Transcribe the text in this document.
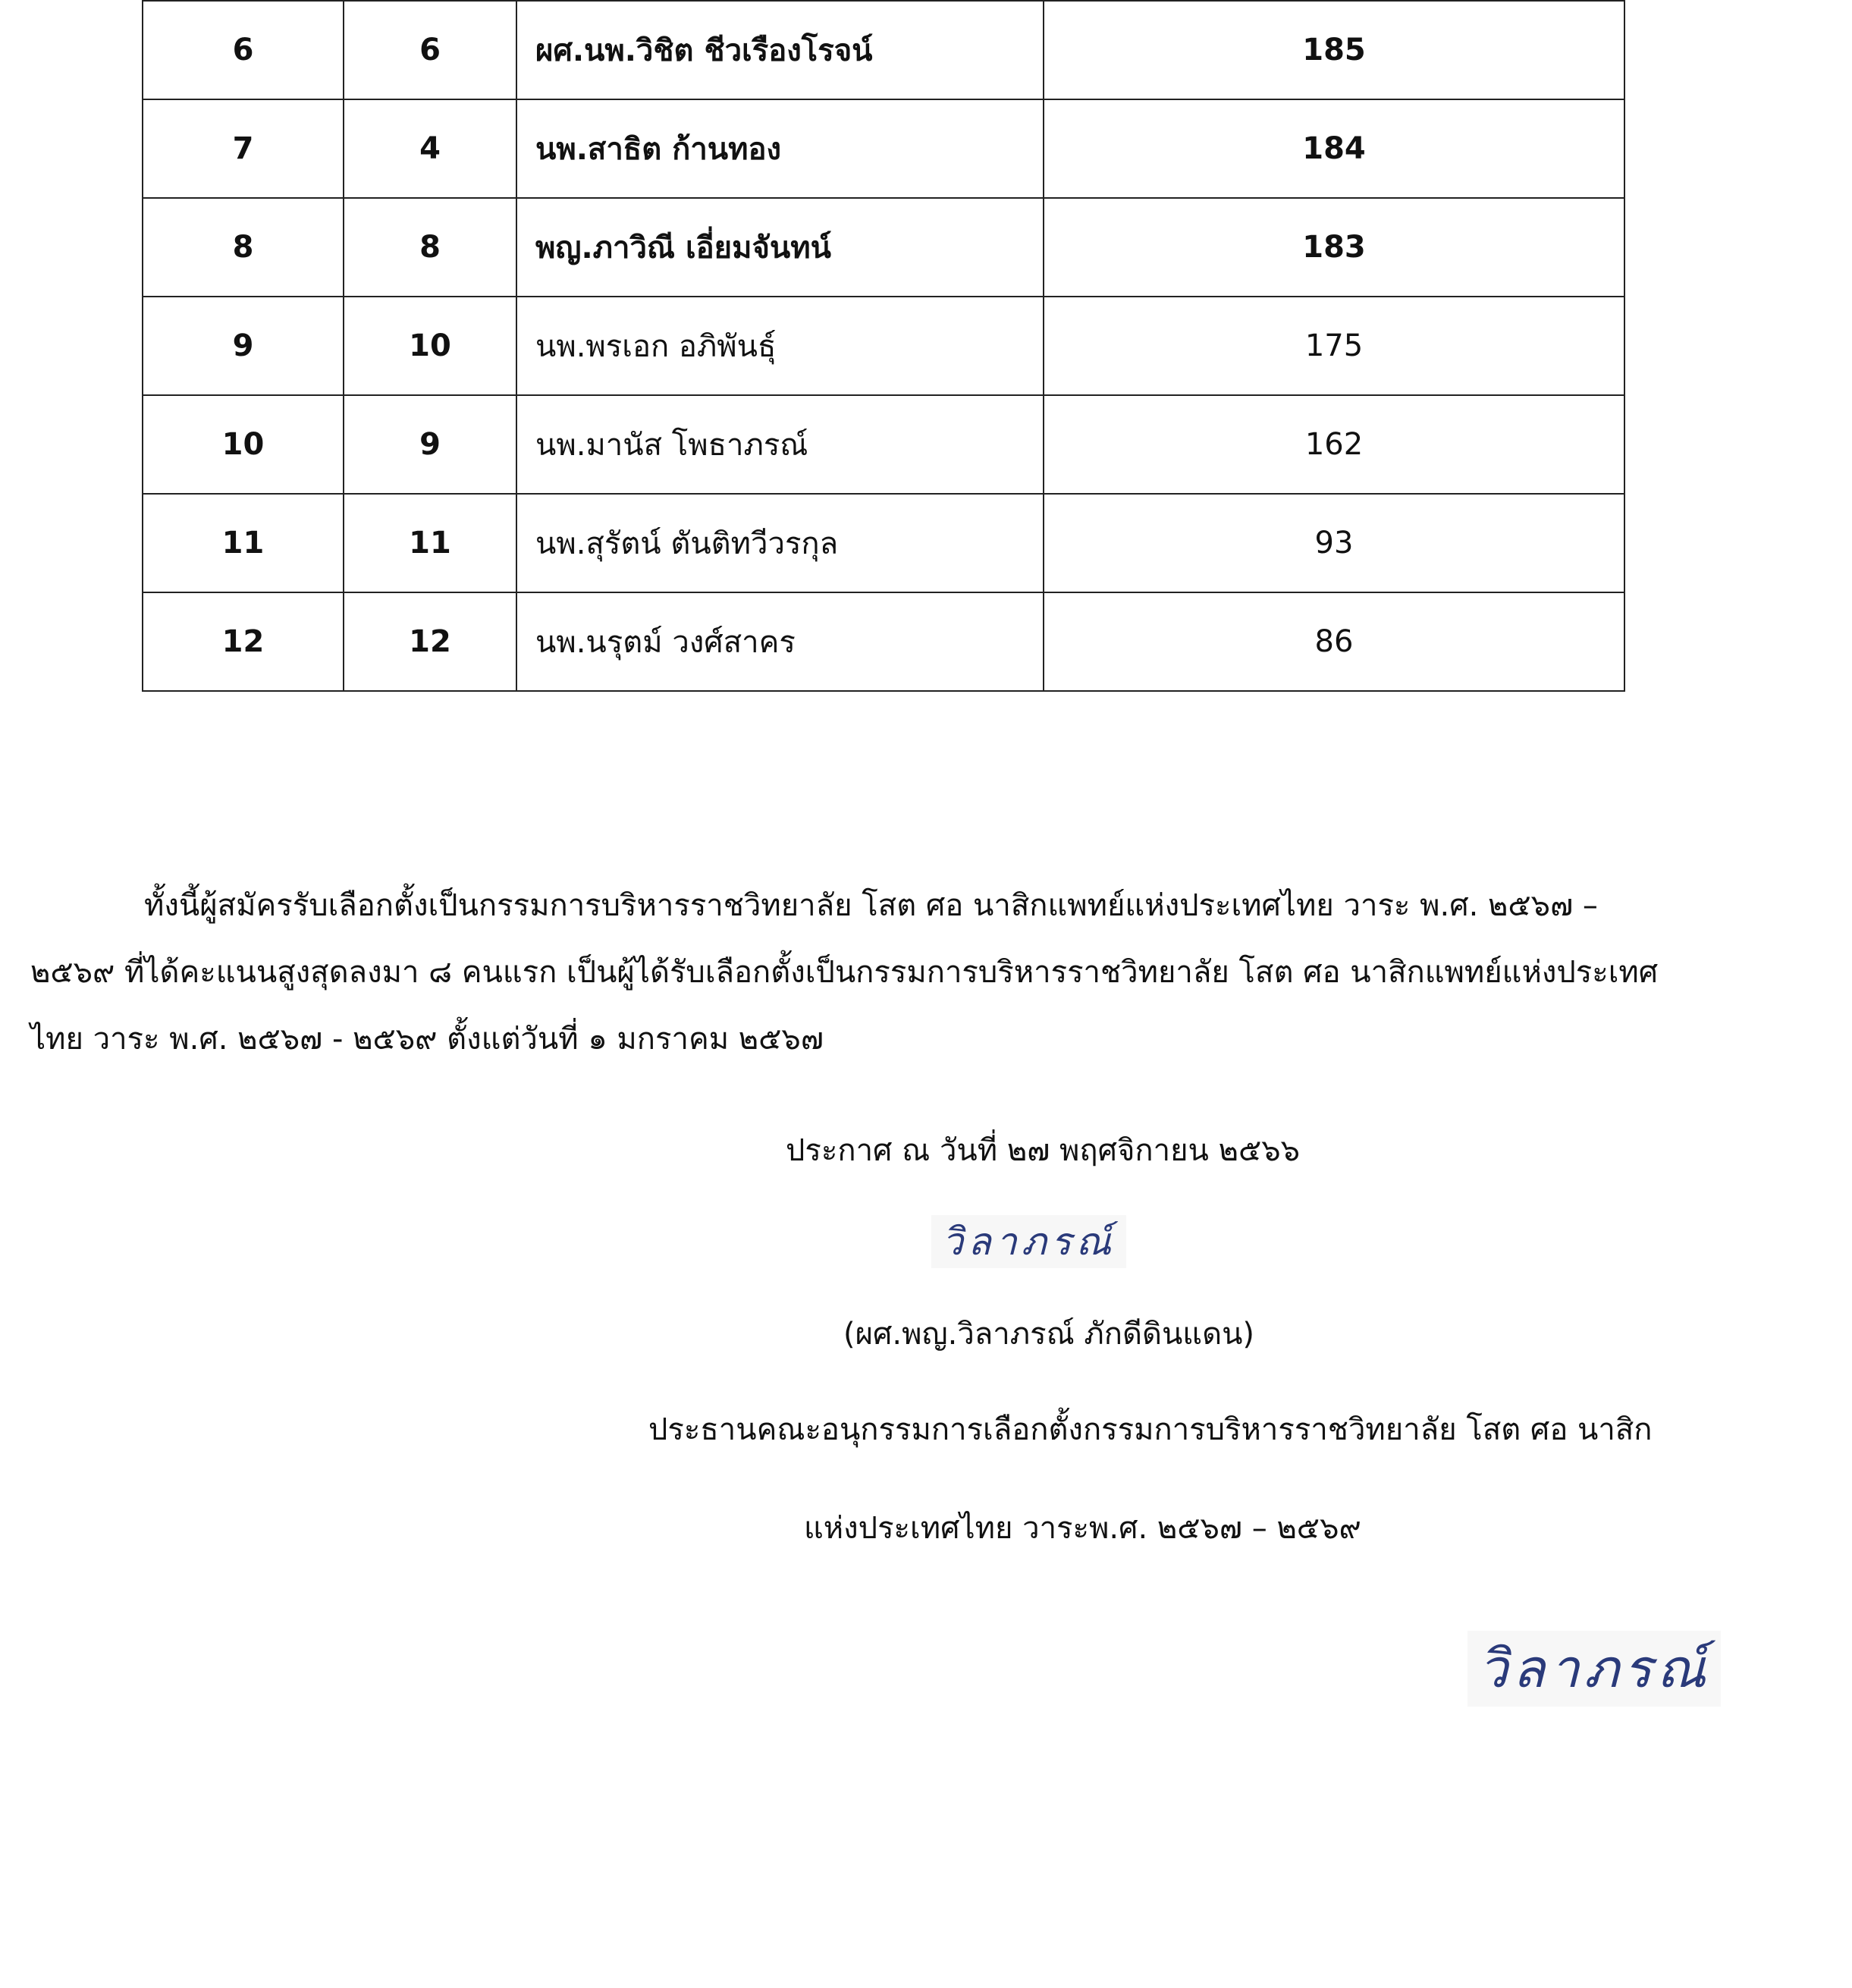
6	6	ผศ.นพ.วิชิต ชีวเรืองโรจน์	185
7	4	นพ.สาธิต ก้านทอง	184
8	8	พญ.ภาวิณี เอี่ยมจันทน์	183
9	10	นพ.พรเอก อภิพันธุ์	175
10	9	นพ.มานัส โพธาภรณ์	162
11	11	นพ.สุรัตน์ ตันติทวีวรกุล	93
12	12	นพ.นรุตม์ วงศ์สาคร	86
ทั้งนี้ผู้สมัครรับเลือกตั้งเป็นกรรมการบริหารราชวิทยาลัย โสต ศอ นาสิกแพทย์แห่งประเทศไทย วาระ พ.ศ. ๒๕๖๗ –
๒๕๖๙ ที่ได้คะแนนสูงสุดลงมา ๘ คนแรก เป็นผู้ได้รับเลือกตั้งเป็นกรรมการบริหารราชวิทยาลัย โสต ศอ นาสิกแพทย์แห่งประเทศ
ไทย วาระ พ.ศ. ๒๕๖๗ - ๒๕๖๙ ตั้งแต่วันที่ ๑ มกราคม ๒๕๖๗
ประกาศ ณ วันที่ ๒๗ พฤศจิกายน ๒๕๖๖
วิลาภรณ์
(ผศ.พญ.วิลาภรณ์ ภักดีดินแดน)
ประธานคณะอนุกรรมการเลือกตั้งกรรมการบริหารราชวิทยาลัย โสต ศอ นาสิก
แห่งประเทศไทย วาระพ.ศ. ๒๕๖๗ – ๒๕๖๙
วิลาภรณ์
